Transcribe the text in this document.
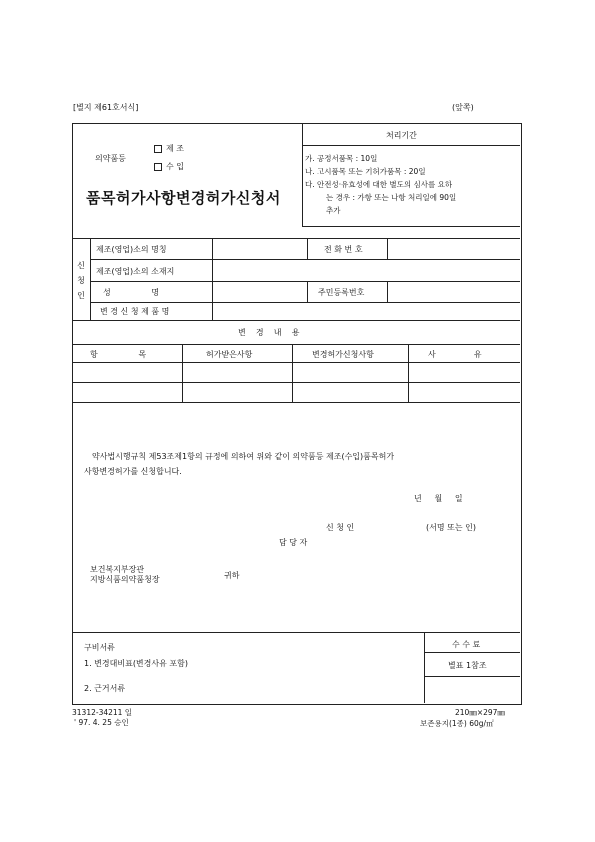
[별지 제61호서식]	(앞쪽)
의약품등
제 조
수 입
품목허가사항변경허가신청서
처리기간
가. 공정서품목 : 10일
나. 고시품목 또는 기허가품목 : 20일
다. 안전성·유효성에 대한 별도의 심사를 요하
는 경우 : 가항 또는 나항 처리일에 90일
추가
신 청 인
제조(영업)소의 명칭	전 화 번 호
제조(영업)소의 소재지
성                명	주민등록번호
변 경 신 청 제 품 명
변    경    내    용
항                목	허가받은사항	변경허가신청사항	사               유
약사법시행규칙 제53조제1항의 규정에 의하여 위와 같이 의약품등 제조(수입)품목허가
사항변경허가를 신청합니다.
년     월     일
신 청 인	(서명 또는 인)
담 당 자
보건복지부장관
지방식품의약품청장	귀하
구비서류
1. 변경대비표(변경사유 포함)
2. 근거서류
수 수 료
별표 1참조
31312-34211 일
' 97. 4. 25 승인
210㎜×297㎜
보존용지(1종) 60g/㎡
